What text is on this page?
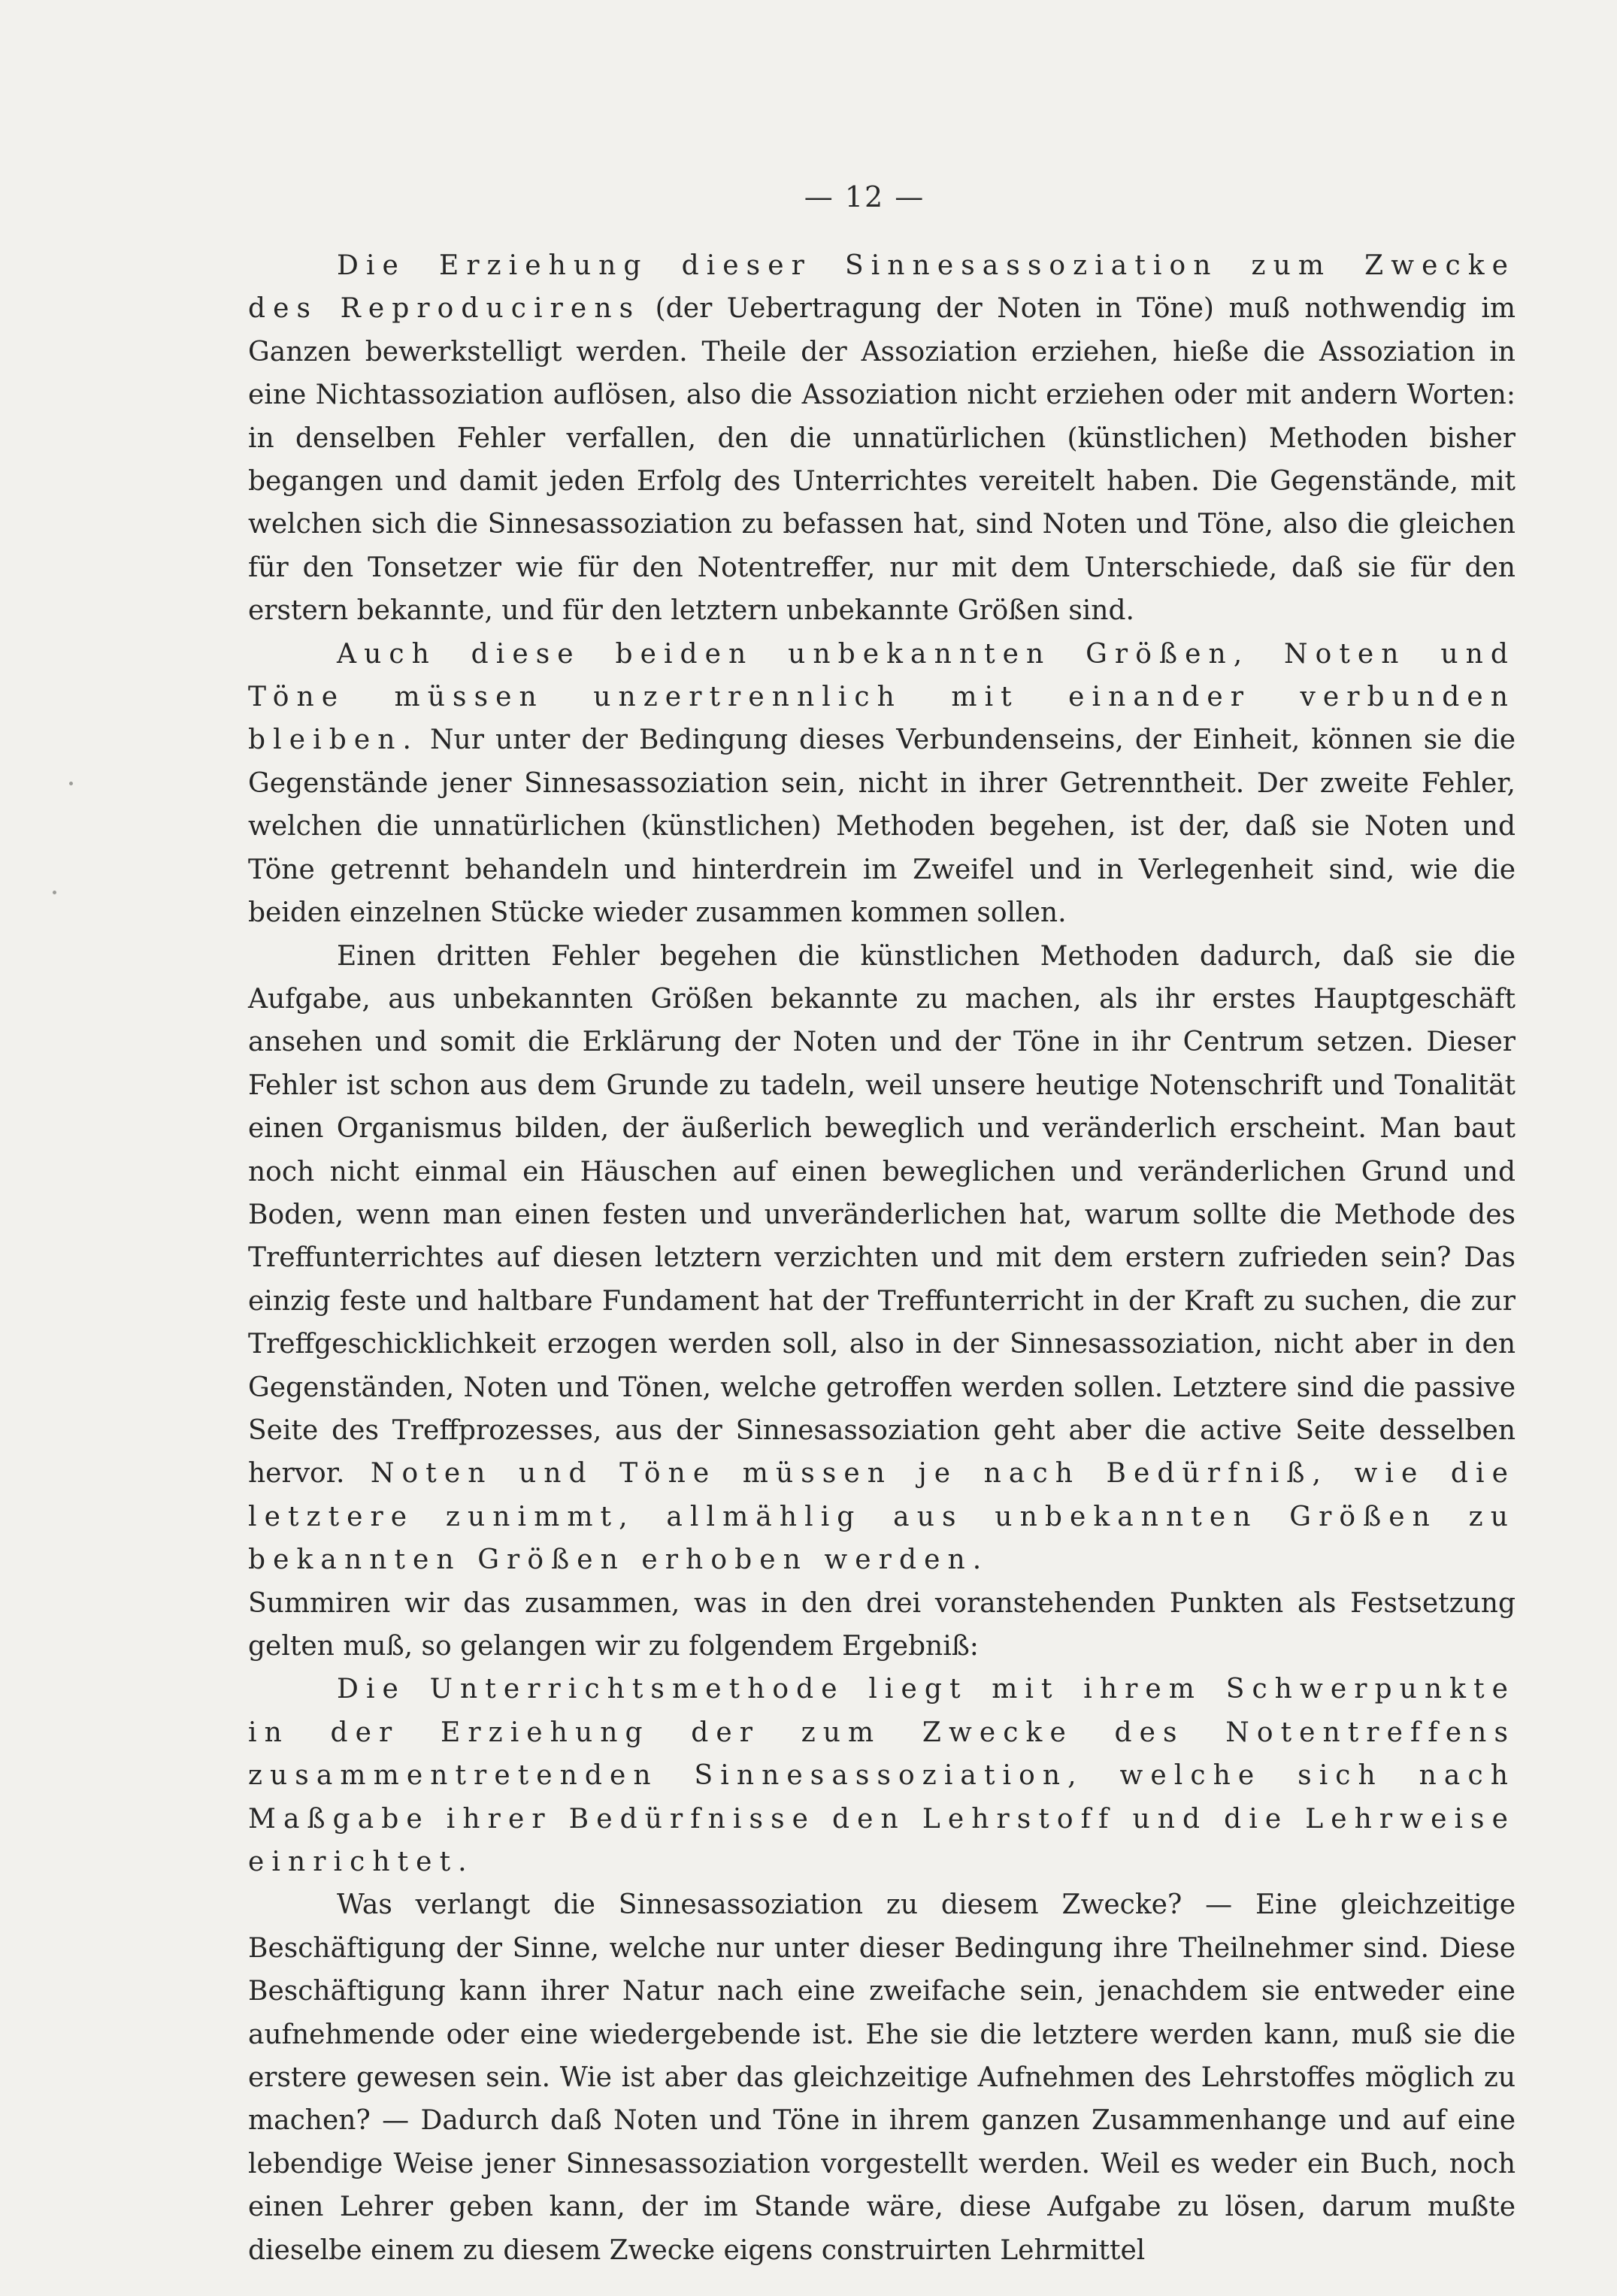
— 12 —

Die Erziehung dieser Sinnesassoziation zum Zwecke des Reproducirens (der Uebertragung der Noten in Töne) muß nothwendig im Ganzen bewerkstelligt werden. Theile der Assoziation erziehen, hieße die Assoziation in eine Nichtassoziation auflösen, also die Assoziation nicht erziehen oder mit andern Worten: in denselben Fehler verfallen, den die unnatürlichen (künstlichen) Methoden bisher begangen und damit jeden Erfolg des Unterrichtes vereitelt haben. Die Gegenstände, mit welchen sich die Sinnesassoziation zu befassen hat, sind Noten und Töne, also die gleichen für den Tonsetzer wie für den Notentreffer, nur mit dem Unterschiede, daß sie für den erstern bekannte, und für den letztern unbekannte Größen sind.

Auch diese beiden unbekannten Größen, Noten und Töne müssen unzertrennlich mit einander verbunden bleiben. Nur unter der Bedingung dieses Verbundenseins, der Einheit, können sie die Gegenstände jener Sinnesassoziation sein, nicht in ihrer Getrenntheit. Der zweite Fehler, welchen die unnatürlichen (künstlichen) Methoden begehen, ist der, daß sie Noten und Töne getrennt behandeln und hinterdrein im Zweifel und in Verlegenheit sind, wie die beiden einzelnen Stücke wieder zusammen kommen sollen.

Einen dritten Fehler begehen die künstlichen Methoden dadurch, daß sie die Aufgabe, aus unbekannten Größen bekannte zu machen, als ihr erstes Hauptgeschäft ansehen und somit die Erklärung der Noten und der Töne in ihr Centrum setzen. Dieser Fehler ist schon aus dem Grunde zu tadeln, weil unsere heutige Notenschrift und Tonalität einen Organismus bilden, der äußerlich beweglich und veränderlich erscheint. Man baut noch nicht einmal ein Häuschen auf einen beweglichen und veränderlichen Grund und Boden, wenn man einen festen und unveränderlichen hat, warum sollte die Methode des Treffunterrichtes auf diesen letztern verzichten und mit dem erstern zufrieden sein? Das einzig feste und haltbare Fundament hat der Treffunterricht in der Kraft zu suchen, die zur Treffgeschicklichkeit erzogen werden soll, also in der Sinnesassoziation, nicht aber in den Gegenständen, Noten und Tönen, welche getroffen werden sollen. Letztere sind die passive Seite des Treffprozesses, aus der Sinnesassoziation geht aber die active Seite desselben hervor. Noten und Töne müssen je nach Bedürfniß, wie die letztere zunimmt, allmählig aus unbekannten Größen zu bekannten Größen erhoben werden.

Summiren wir das zusammen, was in den drei voranstehenden Punkten als Festsetzung gelten muß, so gelangen wir zu folgendem Ergebniß:

Die Unterrichtsmethode liegt mit ihrem Schwerpunkte in der Erziehung der zum Zwecke des Notentreffens zusammentretenden Sinnesassoziation, welche sich nach Maßgabe ihrer Bedürfnisse den Lehrstoff und die Lehrweise einrichtet.

Was verlangt die Sinnesassoziation zu diesem Zwecke? — Eine gleichzeitige Beschäftigung der Sinne, welche nur unter dieser Bedingung ihre Theilnehmer sind. Diese Beschäftigung kann ihrer Natur nach eine zweifache sein, jenachdem sie entweder eine aufnehmende oder eine wiedergebende ist. Ehe sie die letztere werden kann, muß sie die erstere gewesen sein. Wie ist aber das gleichzeitige Aufnehmen des Lehrstoffes möglich zu machen? — Dadurch daß Noten und Töne in ihrem ganzen Zusammenhange und auf eine lebendige Weise jener Sinnesassoziation vorgestellt werden. Weil es weder ein Buch, noch einen Lehrer geben kann, der im Stande wäre, diese Aufgabe zu lösen, darum mußte dieselbe einem zu diesem Zwecke eigens construirten Lehrmittel
